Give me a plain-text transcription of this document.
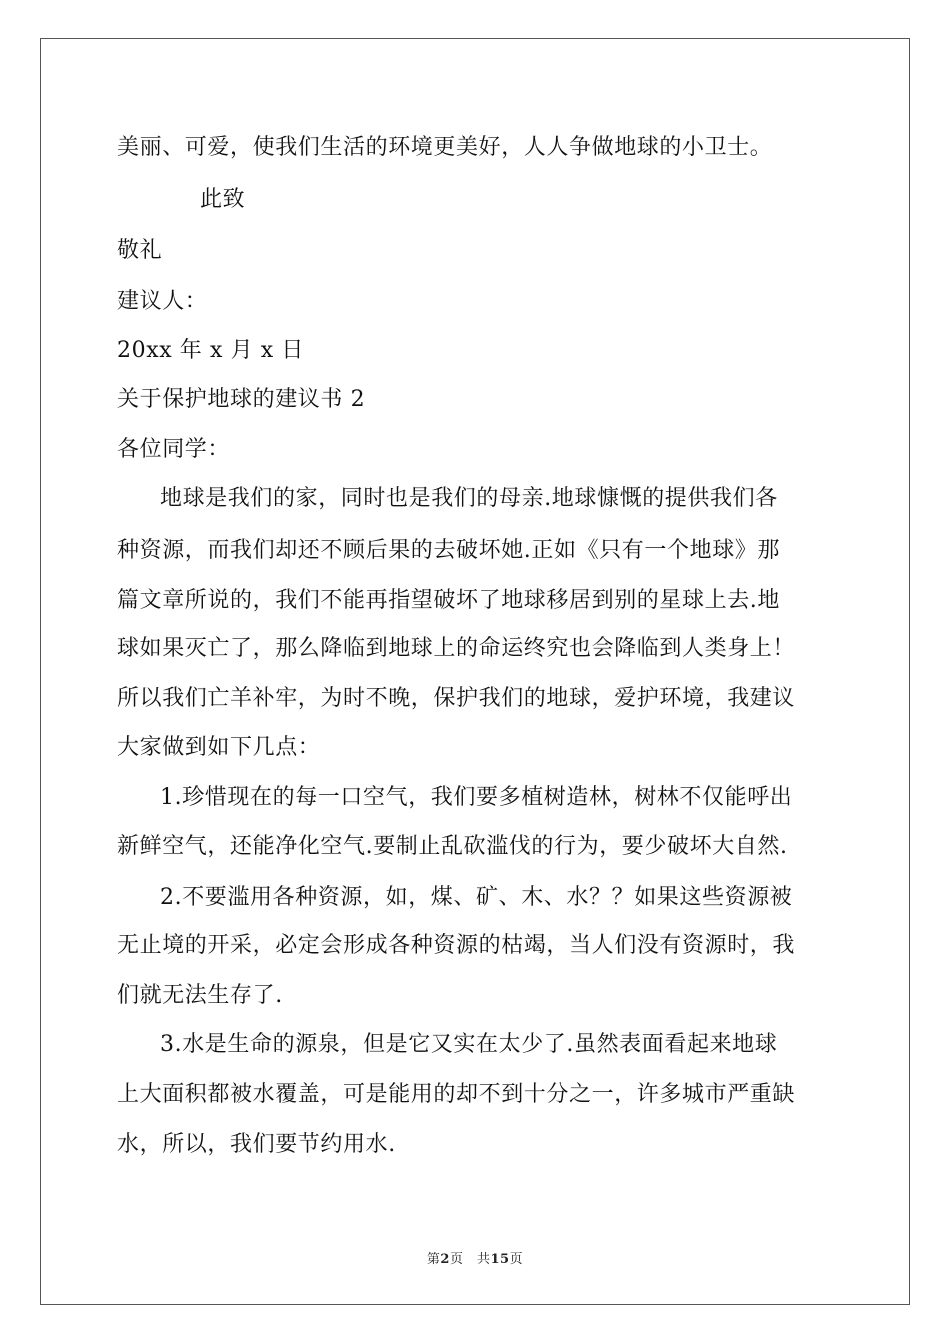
美丽、可爱，使我们生活的环境更美好，人人争做地球的小卫士。
此致
敬礼
建议人：
20xx 年 x 月 x 日
关于保护地球的建议书 2
各位同学：
地球是我们的家，同时也是我们的母亲.地球慷慨的提供我们各
种资源，而我们却还不顾后果的去破坏她.正如《只有一个地球》那
篇文章所说的，我们不能再指望破坏了地球移居到别的星球上去.地
球如果灭亡了，那么降临到地球上的命运终究也会降临到人类身上！
所以我们亡羊补牢，为时不晚，保护我们的地球，爱护环境，我建议
大家做到如下几点：
1.珍惜现在的每一口空气，我们要多植树造林，树林不仅能呼出
新鲜空气，还能净化空气.要制止乱砍滥伐的行为，要少破坏大自然.
2.不要滥用各种资源，如，煤、矿、木、水？？如果这些资源被
无止境的开采，必定会形成各种资源的枯竭，当人们没有资源时，我
们就无法生存了.
3.水是生命的源泉，但是它又实在太少了.虽然表面看起来地球
上大面积都被水覆盖，可是能用的却不到十分之一，许多城市严重缺
水，所以，我们要节约用水.
第2页　共15页
